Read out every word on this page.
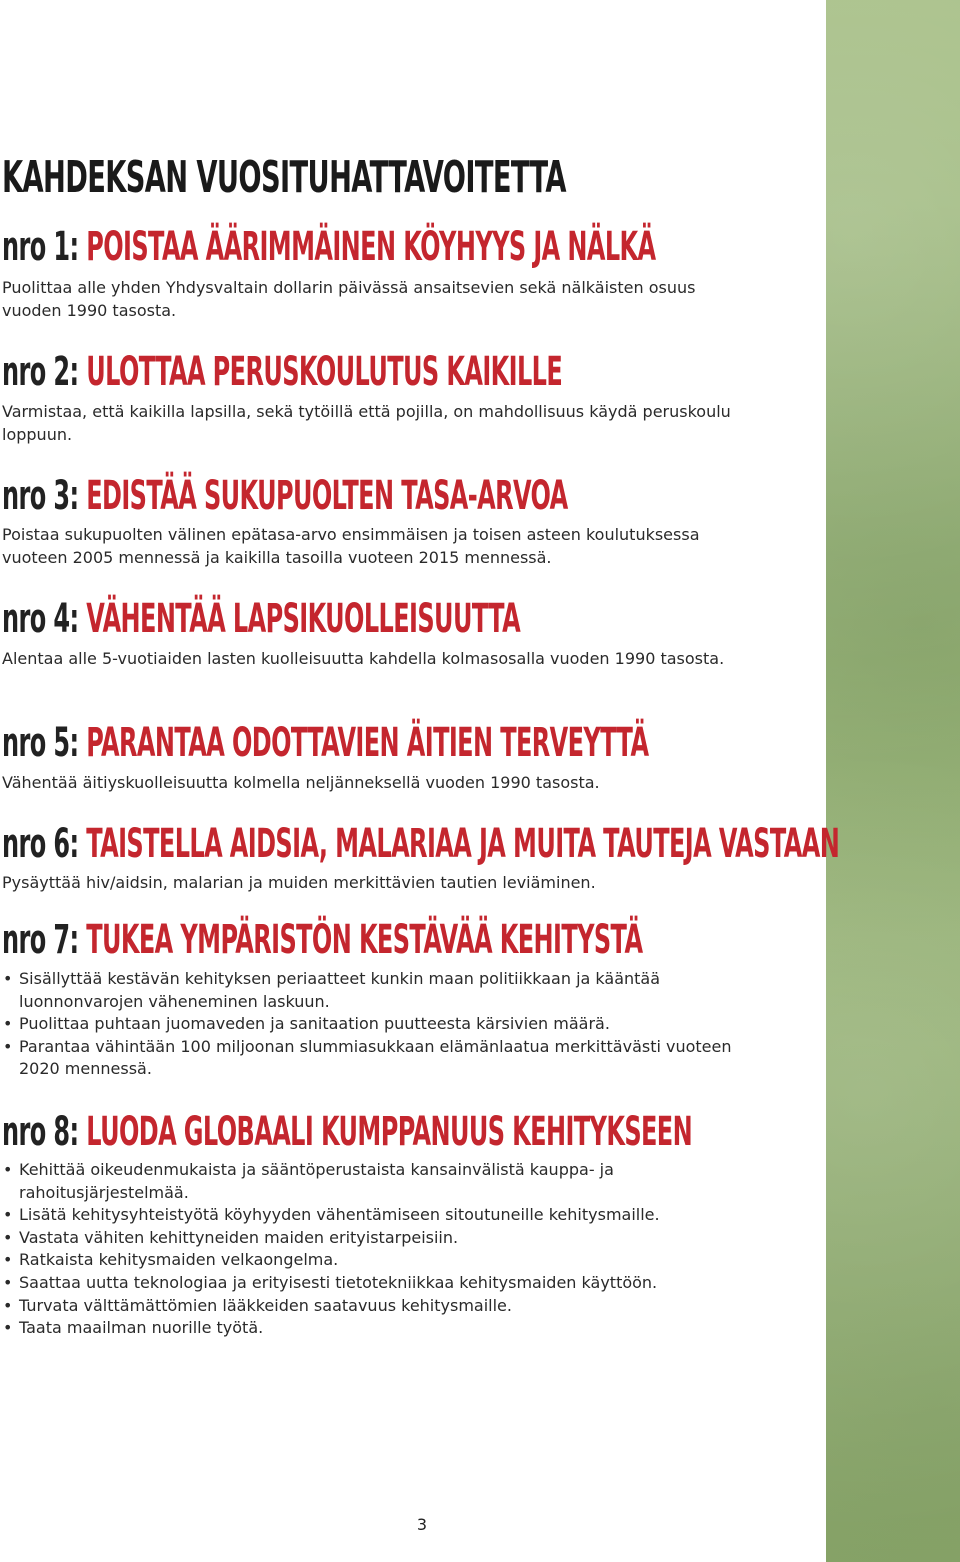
KAHDEKSAN VUOSITUHATTAVOITETTA
nro 1: POISTAA ÄÄRIMMÄINEN KÖYHYYS JA NÄLKÄ

Puolittaa alle yhden Yhdysvaltain dollarin päivässä ansaitsevien sekä nälkäisten osuus vuoden 1990 tasosta.

nro 2: ULOTTAA PERUSKOULUTUS KAIKILLE

Varmistaa, että kaikilla lapsilla, sekä tytöillä että pojilla, on mahdollisuus käydä peruskoulu loppuun.

nro 3: EDISTÄÄ SUKUPUOLTEN TASA-ARVOA

Poistaa sukupuolten välinen epätasa-arvo ensimmäisen ja toisen asteen koulutuksessa vuoteen 2005 mennessä ja kaikilla tasoilla vuoteen 2015 mennessä.

nro 4: VÄHENTÄÄ LAPSIKUOLLEISUUTTA

Alentaa alle 5-vuotiaiden lasten kuolleisuutta kahdella kolmasosalla vuoden 1990 tasosta.

nro 5: PARANTAA ODOTTAVIEN ÄITIEN TERVEYTTÄ

Vähentää äitiyskuolleisuutta kolmella neljänneksellä vuoden 1990 tasosta.

nro 6: TAISTELLA AIDSIA, MALARIAA JA MUITA TAUTEJA VASTAAN

Pysäyttää hiv/aidsin, malarian ja muiden merkittävien tautien leviäminen.

nro 7: TUKEA YMPÄRISTÖN KESTÄVÄÄ KEHITYSTÄ
• Sisällyttää kestävän kehityksen periaatteet kunkin maan politiikkaan ja kääntää luonnonvarojen väheneminen laskuun.
• Puolittaa puhtaan juomaveden ja sanitaation puutteesta kärsivien määrä.
• Parantaa vähintään 100 miljoonan slummiasukkaan elämänlaatua merkittävästi vuoteen 2020 mennessä.
nro 8: LUODA GLOBAALI KUMPPANUUS KEHITYKSEEN
• Kehittää oikeudenmukaista ja sääntöperustaista kansainvälistä kauppa- ja rahoitusjärjestelmää.
• Lisätä kehitysyhteistyötä köyhyyden vähentämiseen sitoutuneille kehitysmaille.
• Vastata vähiten kehittyneiden maiden erityistarpeisiin.
• Ratkaista kehitysmaiden velkaongelma.
• Saattaa uutta teknologiaa ja erityisesti tietotekniikkaa kehitysmaiden käyttöön.
• Turvata välttämättömien lääkkeiden saatavuus kehitysmaille.
• Taata maailman nuorille työtä.
3
